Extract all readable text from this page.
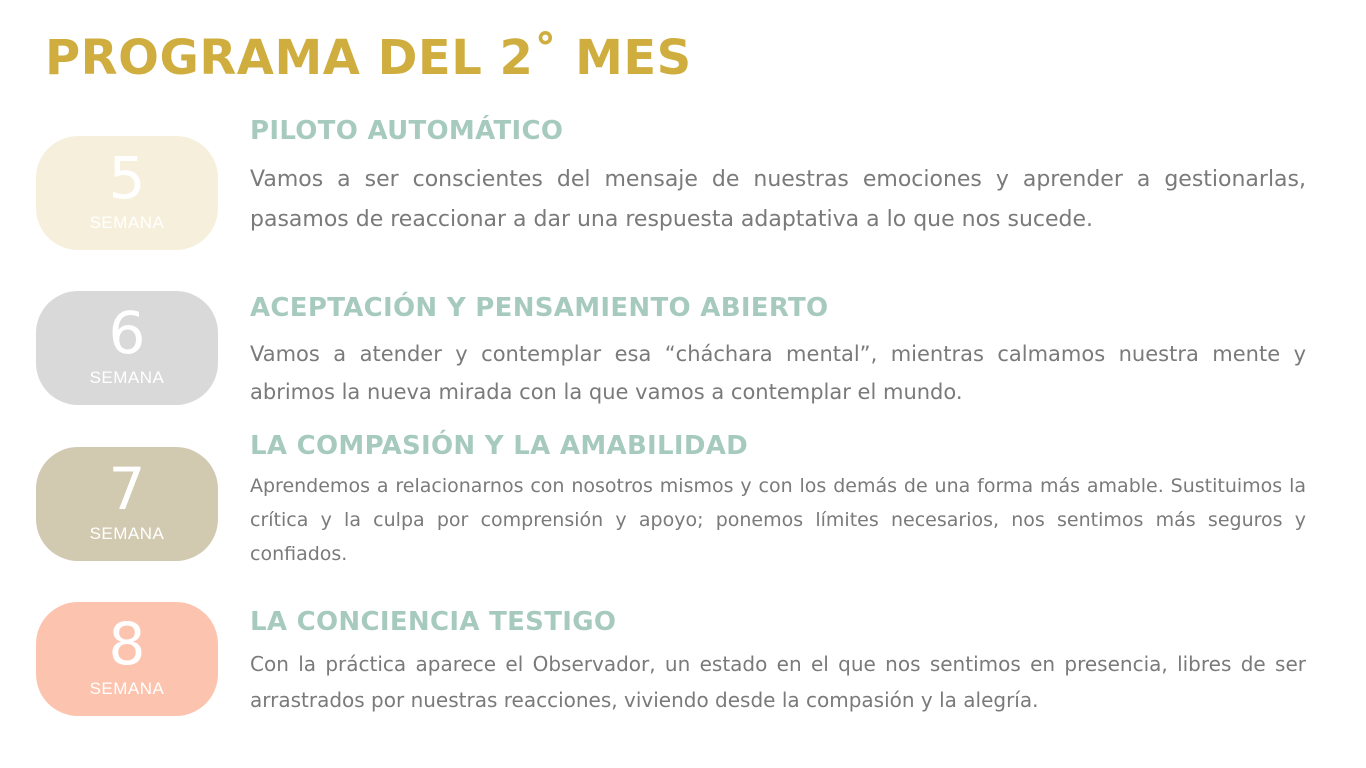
PROGRAMA DEL 2˚ MES
5
SEMANA
PILOTO AUTOMÁTICO

Vamos a ser conscientes del mensaje de nuestras emociones y aprender a gestionarlas, pasamos de reaccionar a dar una respuesta adaptativa a lo que nos sucede.

6
SEMANA
ACEPTACIÓN Y PENSAMIENTO ABIERTO

Vamos a atender y contemplar esa “cháchara mental”, mientras calmamos nuestra mente y abrimos la nueva mirada con la que vamos a contemplar el mundo.

7
SEMANA
LA COMPASIÓN Y LA AMABILIDAD

Aprendemos a relacionarnos con nosotros mismos y con los demás de una forma más amable. Sustituimos la crítica y la culpa por comprensión y apoyo; ponemos límites necesarios, nos sentimos más seguros y confiados.

8
SEMANA
LA CONCIENCIA TESTIGO

Con la práctica aparece el Observador, un estado en el que nos sentimos en presencia, libres de ser arrastrados por nuestras reacciones, viviendo desde la compasión y la alegría.
